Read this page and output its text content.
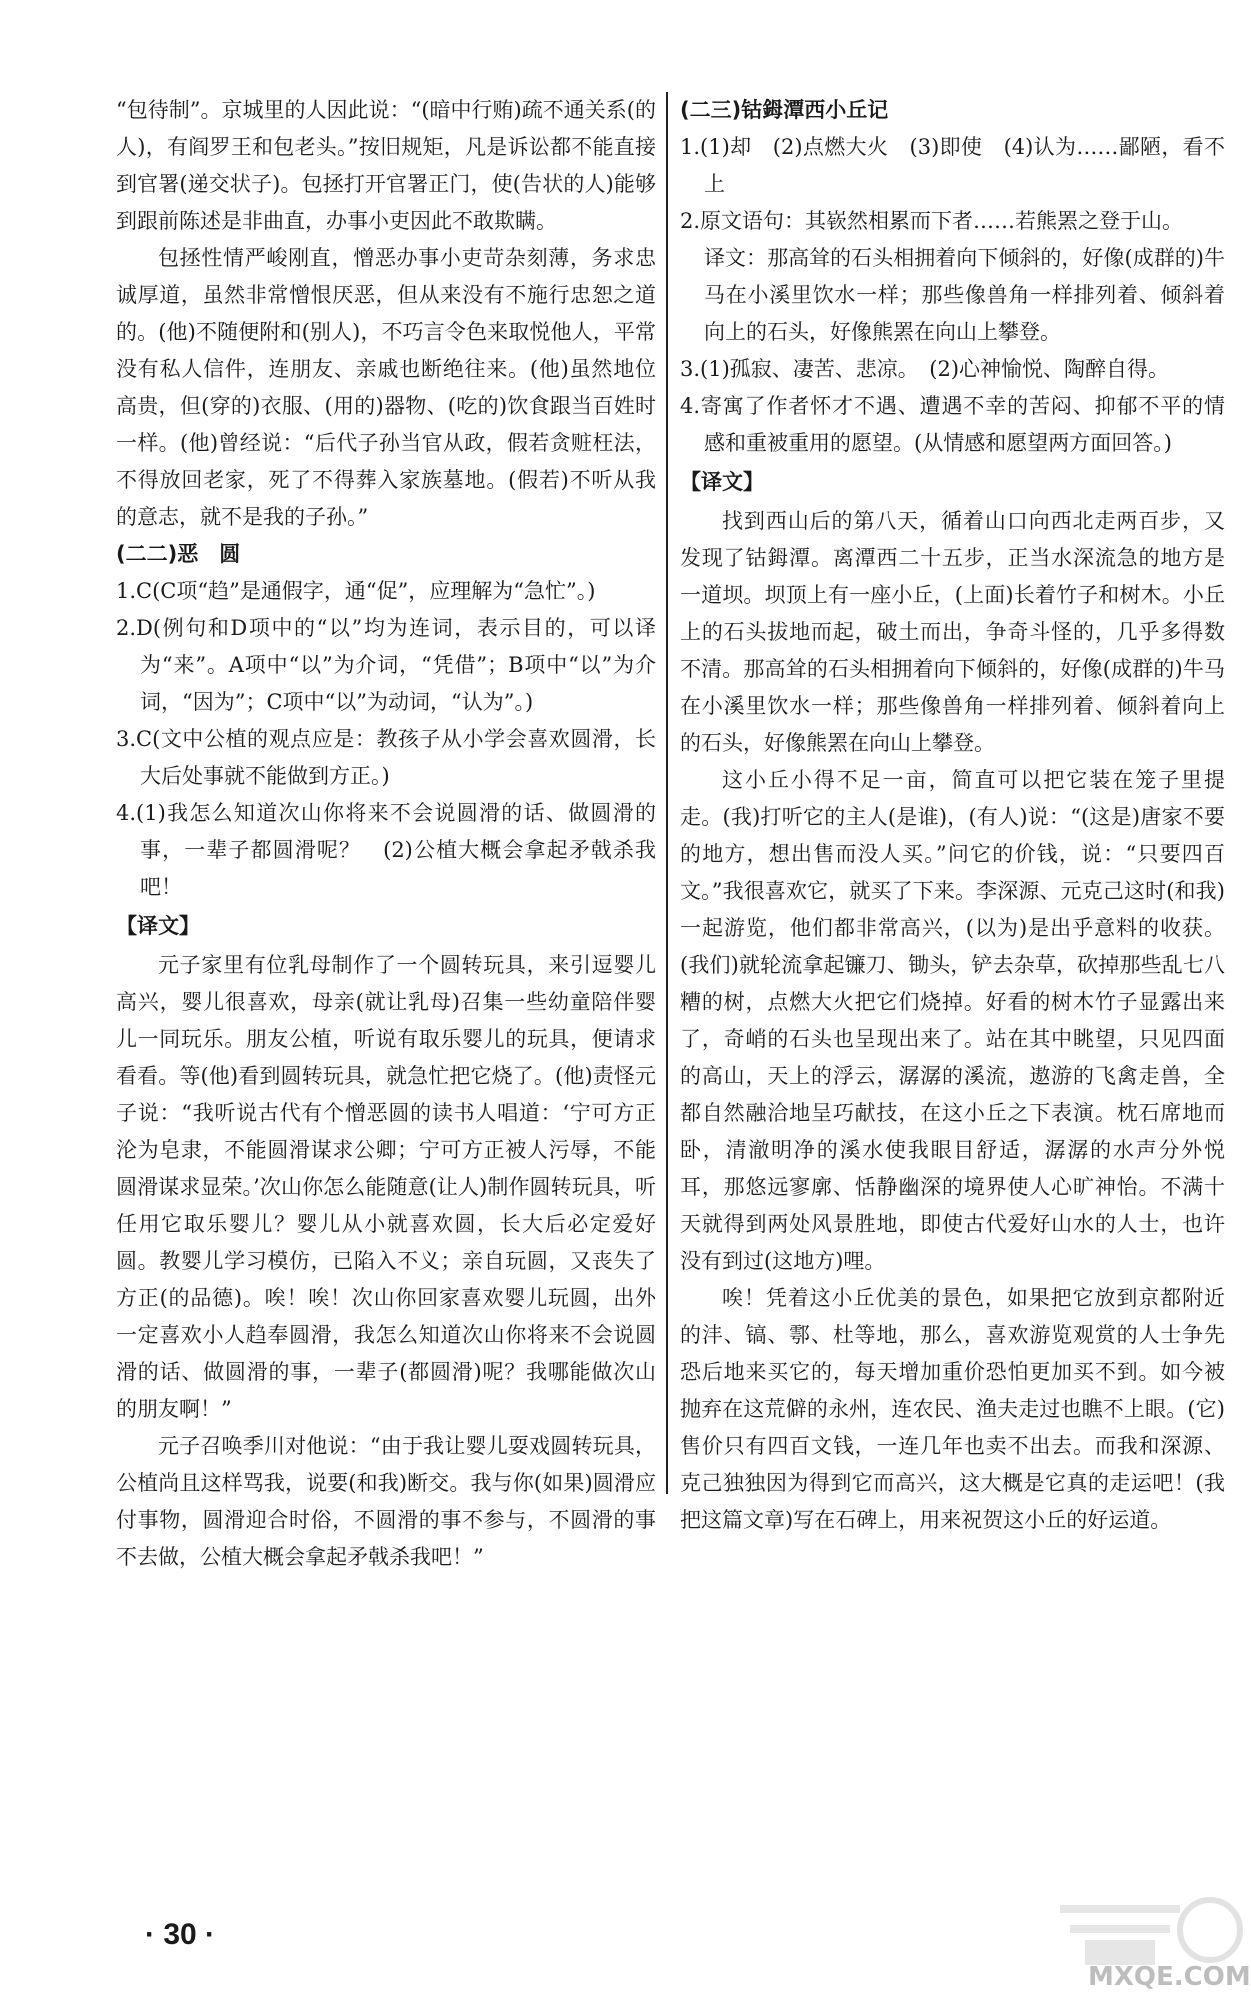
“包待制”。京城里的人因此说：“(暗中行贿)疏不通关系(的人)，有阎罗王和包老头。”按旧规矩，凡是诉讼都不能直接到官署(递交状子)。包拯打开官署正门，使(告状的人)能够到跟前陈述是非曲直，办事小吏因此不敢欺瞒。

包拯性情严峻刚直，憎恶办事小吏苛杂刻薄，务求忠诚厚道，虽然非常憎恨厌恶，但从来没有不施行忠恕之道的。(他)不随便附和(别人)，不巧言令色来取悦他人，平常没有私人信件，连朋友、亲戚也断绝往来。(他)虽然地位高贵，但(穿的)衣服、(用的)器物、(吃的)饮食跟当百姓时一样。(他)曾经说：“后代子孙当官从政，假若贪赃枉法，不得放回老家，死了不得葬入家族墓地。(假若)不听从我的意志，就不是我的子孙。”

(二二)恶　圆

1.C(C项“趋”是通假字，通“促”，应理解为“急忙”。)

2.D(例句和D项中的“以”均为连词，表示目的，可以译为“来”。A项中“以”为介词，“凭借”；B项中“以”为介词，“因为”；C项中“以”为动词，“认为”。)

3.C(文中公植的观点应是：教孩子从小学会喜欢圆滑，长大后处事就不能做到方正。)

4.(1)我怎么知道次山你将来不会说圆滑的话、做圆滑的事，一辈子都圆滑呢？　(2)公植大概会拿起矛戟杀我吧！

【译文】

元子家里有位乳母制作了一个圆转玩具，来引逗婴儿高兴，婴儿很喜欢，母亲(就让乳母)召集一些幼童陪伴婴儿一同玩乐。朋友公植，听说有取乐婴儿的玩具，便请求看看。等(他)看到圆转玩具，就急忙把它烧了。(他)责怪元子说：“我听说古代有个憎恶圆的读书人唱道：‘宁可方正沦为皂隶，不能圆滑谋求公卿；宁可方正被人污辱，不能圆滑谋求显荣。’次山你怎么能随意(让人)制作圆转玩具，听任用它取乐婴儿？婴儿从小就喜欢圆，长大后必定爱好圆。教婴儿学习模仿，已陷入不义；亲自玩圆，又丧失了方正(的品德)。唉！唉！次山你回家喜欢婴儿玩圆，出外一定喜欢小人趋奉圆滑，我怎么知道次山你将来不会说圆滑的话、做圆滑的事，一辈子(都圆滑)呢？我哪能做次山的朋友啊！”

元子召唤季川对他说：“由于我让婴儿耍戏圆转玩具，公植尚且这样骂我，说要(和我)断交。我与你(如果)圆滑应付事物，圆滑迎合时俗，不圆滑的事不参与，不圆滑的事不去做，公植大概会拿起矛戟杀我吧！”

(二三)钴鉧潭西小丘记

1.(1)却　(2)点燃大火　(3)即使　(4)认为……鄙陋，看不上

2.原文语句：其嵚然相累而下者……若熊罴之登于山。

译文：那高耸的石头相拥着向下倾斜的，好像(成群的)牛马在小溪里饮水一样；那些像兽角一样排列着、倾斜着向上的石头，好像熊罴在向山上攀登。

3.(1)孤寂、凄苦、悲凉。　(2)心神愉悦、陶醉自得。

4.寄寓了作者怀才不遇、遭遇不幸的苦闷、抑郁不平的情感和重被重用的愿望。(从情感和愿望两方面回答。)

【译文】

找到西山后的第八天，循着山口向西北走两百步，又发现了钴鉧潭。离潭西二十五步，正当水深流急的地方是一道坝。坝顶上有一座小丘，(上面)长着竹子和树木。小丘上的石头拔地而起，破土而出，争奇斗怪的，几乎多得数不清。那高耸的石头相拥着向下倾斜的，好像(成群的)牛马在小溪里饮水一样；那些像兽角一样排列着、倾斜着向上的石头，好像熊罴在向山上攀登。

这小丘小得不足一亩，简直可以把它装在笼子里提走。(我)打听它的主人(是谁)，(有人)说：“(这是)唐家不要的地方，想出售而没人买。”问它的价钱，说：“只要四百文。”我很喜欢它，就买了下来。李深源、元克己这时(和我)一起游览，他们都非常高兴，(以为)是出乎意料的收获。(我们)就轮流拿起镰刀、锄头，铲去杂草，砍掉那些乱七八糟的树，点燃大火把它们烧掉。好看的树木竹子显露出来了，奇峭的石头也呈现出来了。站在其中眺望，只见四面的高山，天上的浮云，潺潺的溪流，遨游的飞禽走兽，全都自然融洽地呈巧献技，在这小丘之下表演。枕石席地而卧，清澈明净的溪水使我眼目舒适，潺潺的水声分外悦耳，那悠远寥廓、恬静幽深的境界使人心旷神怡。不满十天就得到两处风景胜地，即使古代爱好山水的人士，也许没有到过(这地方)哩。

唉！凭着这小丘优美的景色，如果把它放到京都附近的沣、镐、鄠、杜等地，那么，喜欢游览观赏的人士争先恐后地来买它的，每天增加重价恐怕更加买不到。如今被抛弃在这荒僻的永州，连农民、渔夫走过也瞧不上眼。(它)售价只有四百文钱，一连几年也卖不出去。而我和深源、克己独独因为得到它而高兴，这大概是它真的走运吧！(我把这篇文章)写在石碑上，用来祝贺这小丘的好运道。

· 30 ·
MXQE.COM
